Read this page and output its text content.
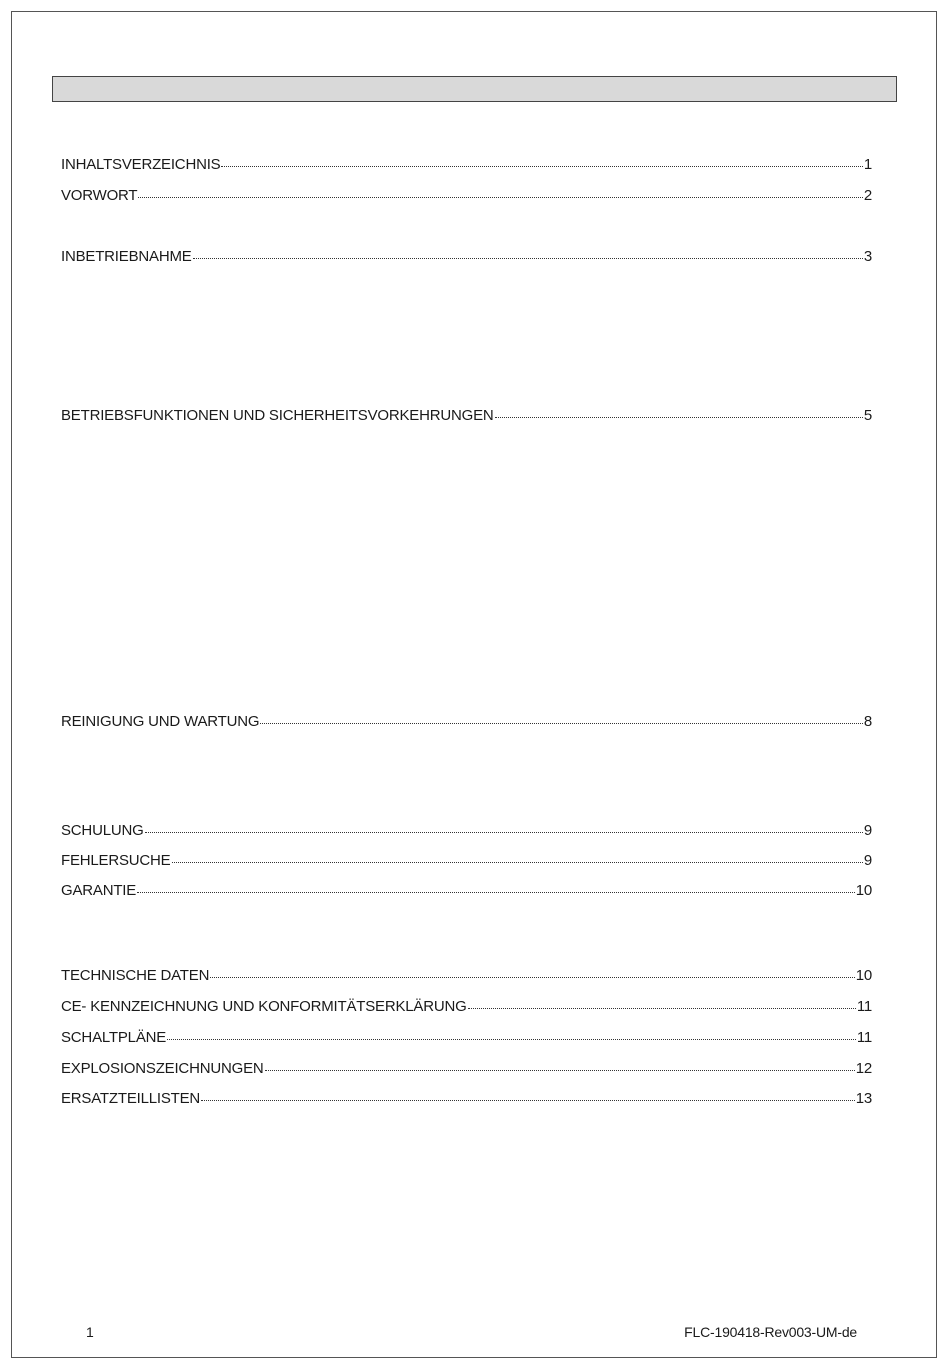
INHALTSVERZEICHNIS	1
VORWORT	2
INBETRIEBNAHME	3
BETRIEBSFUNKTIONEN UND SICHERHEITSVORKEHRUNGEN	5
REINIGUNG UND WARTUNG	8
SCHULUNG	9
FEHLERSUCHE	9
GARANTIE	10
TECHNISCHE DATEN	10
CE- KENNZEICHNUNG UND KONFORMITÄTSERKLÄRUNG	11
SCHALTPLÄNE	11
EXPLOSIONSZEICHNUNGEN	12
ERSATZTEILLISTEN	13
1	FLC-190418-Rev003-UM-de
